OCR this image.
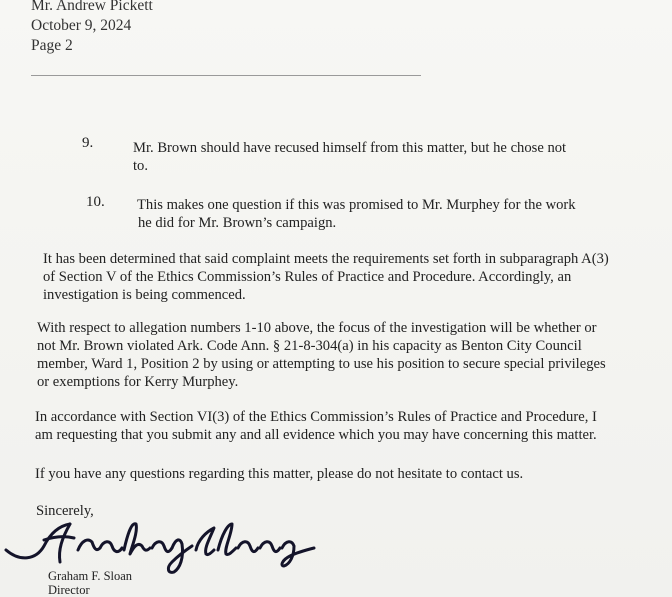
Mr. Andrew Pickett
October 9, 2024
Page 2
9.	Mr. Brown should have recused himself from this matter, but he chose not
to.
10. This makes one question if this was promised to Mr. Murphey for the work
he did for Mr. Brown’s campaign.
It has been determined that said complaint meets the requirements set forth in subparagraph A(3)
of Section V of the Ethics Commission’s Rules of Practice and Procedure. Accordingly, an
investigation is being commenced.
With respect to allegation numbers 1-10 above, the focus of the investigation will be whether or
not Mr. Brown violated Ark. Code Ann. § 21-8-304(a) in his capacity as Benton City Council
member, Ward 1, Position 2 by using or attempting to use his position to secure special privileges
or exemptions for Kerry Murphey.
In accordance with Section VI(3) of the Ethics Commission’s Rules of Practice and Procedure, I
am requesting that you submit any and all evidence which you may have concerning this matter.
If you have any questions regarding this matter, please do not hesitate to contact us.
Sincerely,
Graham F. Sloan
Director
